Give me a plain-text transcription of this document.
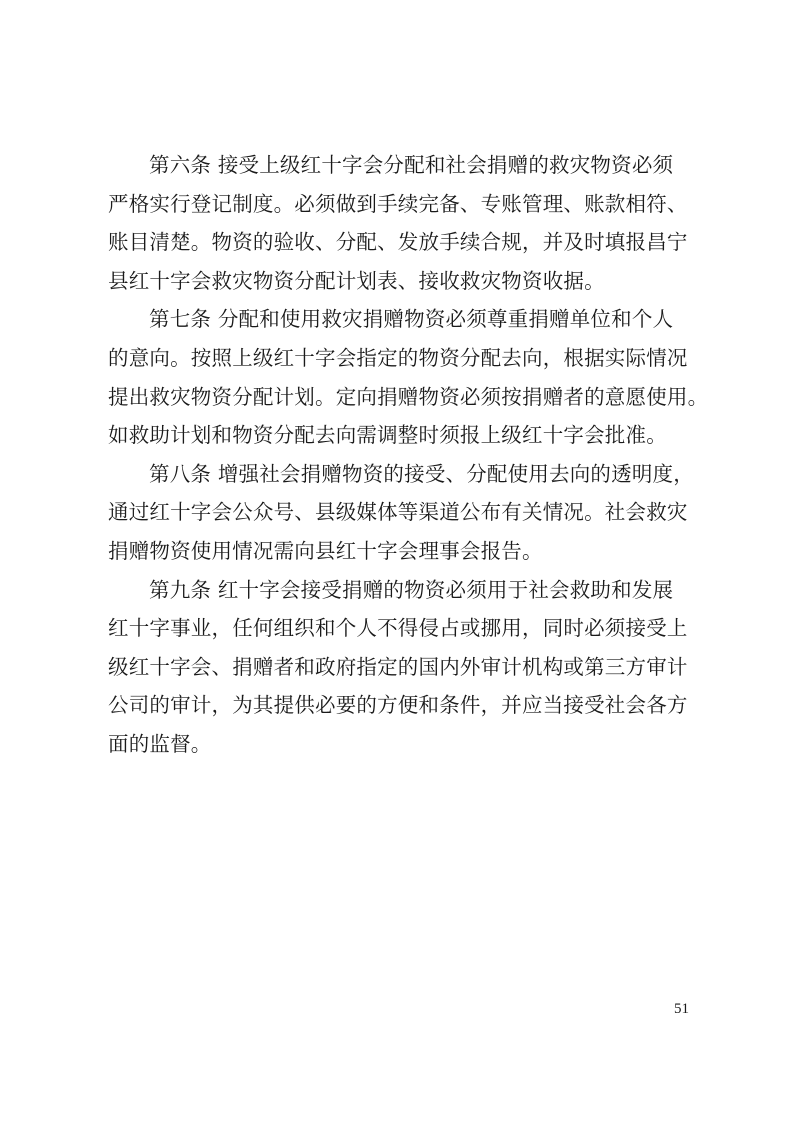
第六条 接受上级红十字会分配和社会捐赠的救灾物资必须
严格实行登记制度。必须做到手续完备、专账管理、账款相符、
账目清楚。物资的验收、分配、发放手续合规，并及时填报昌宁
县红十字会救灾物资分配计划表、接收救灾物资收据。
第七条 分配和使用救灾捐赠物资必须尊重捐赠单位和个人
的意向。按照上级红十字会指定的物资分配去向，根据实际情况
提出救灾物资分配计划。定向捐赠物资必须按捐赠者的意愿使用。
如救助计划和物资分配去向需调整时须报上级红十字会批准。
第八条 增强社会捐赠物资的接受、分配使用去向的透明度，
通过红十字会公众号、县级媒体等渠道公布有关情况。社会救灾
捐赠物资使用情况需向县红十字会理事会报告。
第九条 红十字会接受捐赠的物资必须用于社会救助和发展
红十字事业，任何组织和个人不得侵占或挪用，同时必须接受上
级红十字会、捐赠者和政府指定的国内外审计机构或第三方审计
公司的审计，为其提供必要的方便和条件，并应当接受社会各方
面的监督。
51
